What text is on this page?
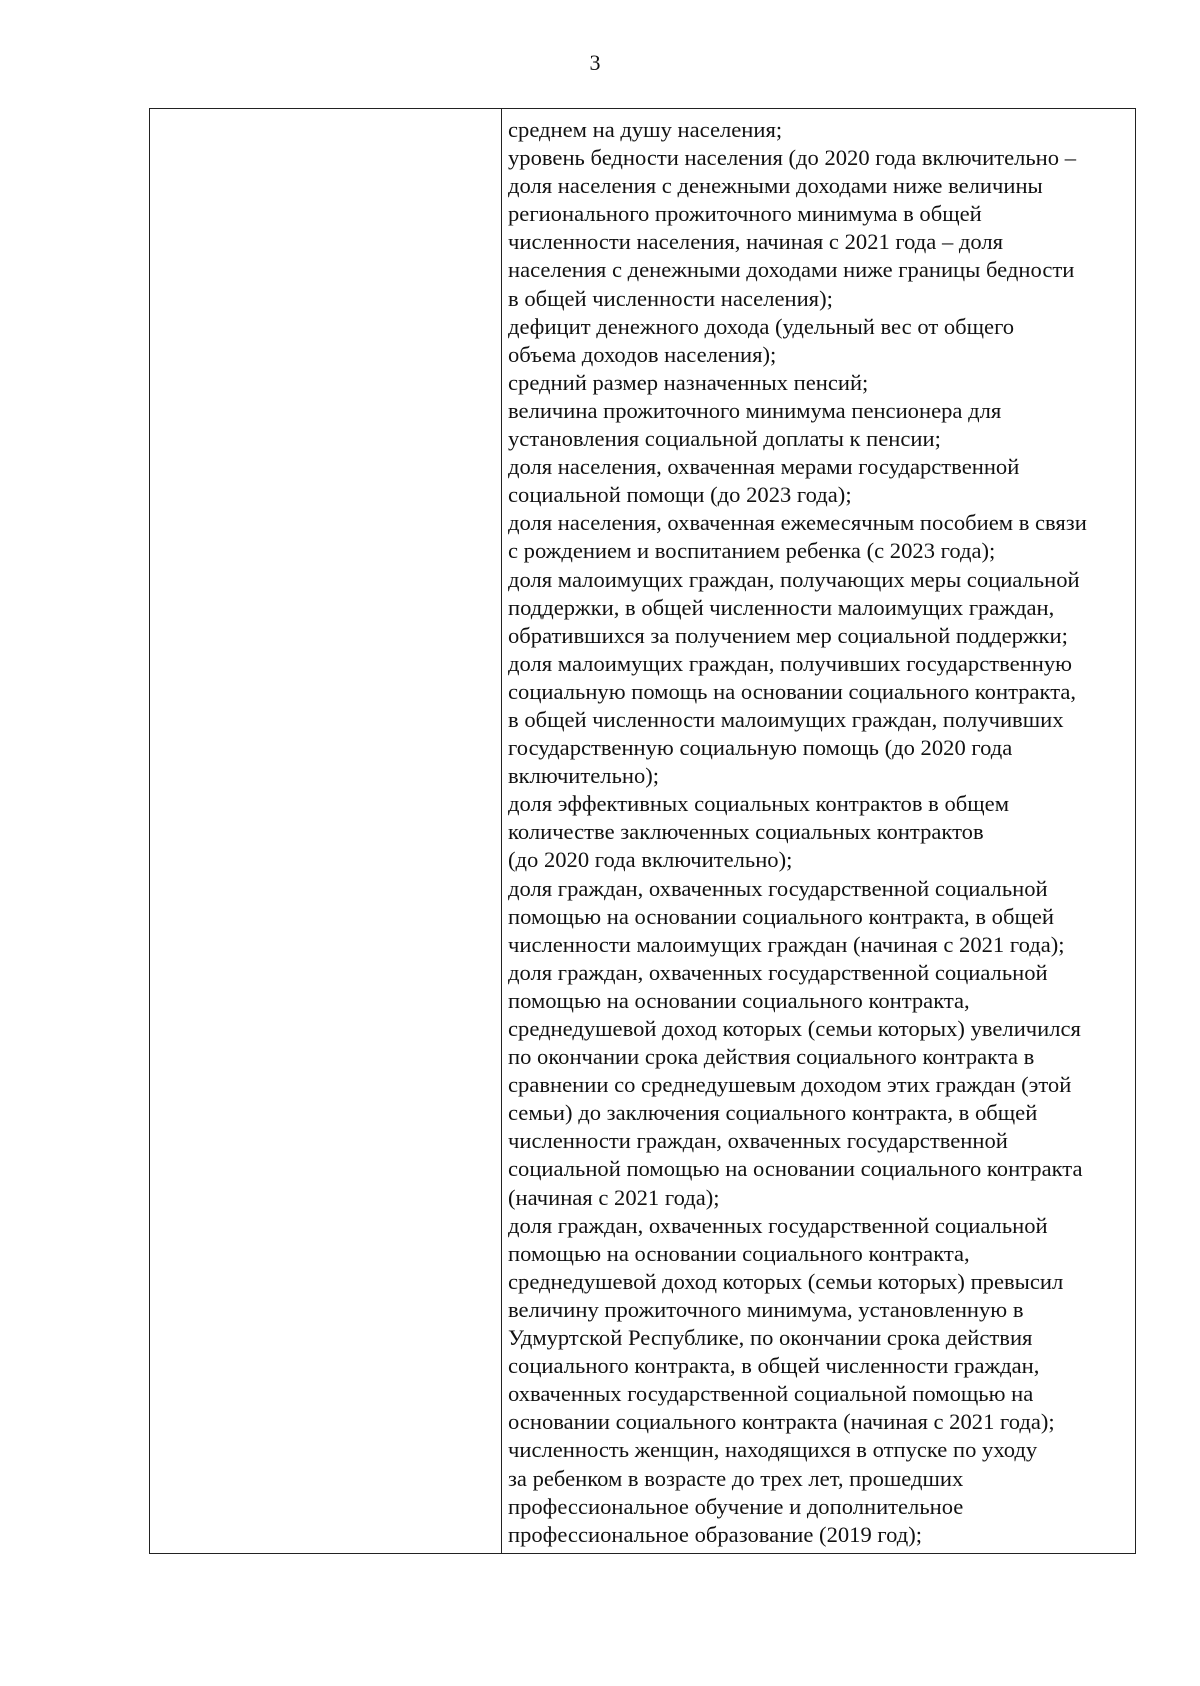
3
среднем на душу населения;
уровень бедности населения (до 2020 года включительно –
доля населения с денежными доходами ниже величины
регионального прожиточного минимума в общей
численности населения, начиная с 2021 года – доля
населения с денежными доходами ниже границы бедности
в общей численности населения);
дефицит денежного дохода (удельный вес от общего
объема доходов населения);
средний размер назначенных пенсий;
величина прожиточного минимума пенсионера для
установления социальной доплаты к пенсии;
доля населения, охваченная мерами государственной
социальной помощи (до 2023 года);
доля населения, охваченная ежемесячным пособием в связи
с рождением и воспитанием ребенка (с 2023 года);
доля малоимущих граждан, получающих меры социальной
поддержки, в общей численности малоимущих граждан,
обратившихся за получением мер социальной поддержки;
доля малоимущих граждан, получивших государственную
социальную помощь на основании социального контракта,
в общей численности малоимущих граждан, получивших
государственную социальную помощь (до 2020 года
включительно);
доля эффективных социальных контрактов в общем
количестве заключенных социальных контрактов
(до 2020 года включительно);
доля граждан, охваченных государственной социальной
помощью на основании социального контракта, в общей
численности малоимущих граждан (начиная с 2021 года);
доля граждан, охваченных государственной социальной
помощью на основании социального контракта,
среднедушевой доход которых (семьи которых) увеличился
по окончании срока действия социального контракта в
сравнении со среднедушевым доходом этих граждан (этой
семьи) до заключения социального контракта, в общей
численности граждан, охваченных государственной
социальной помощью на основании социального контракта
(начиная с 2021 года);
доля граждан, охваченных государственной социальной
помощью на основании социального контракта,
среднедушевой доход которых (семьи которых) превысил
величину прожиточного минимума, установленную в
Удмуртской Республике, по окончании срока действия
социального контракта, в общей численности граждан,
охваченных государственной социальной помощью на
основании социального контракта (начиная с 2021 года);
численность женщин, находящихся в отпуске по уходу
за ребенком в возрасте до трех лет, прошедших
профессиональное обучение и дополнительное
профессиональное образование (2019 год);
